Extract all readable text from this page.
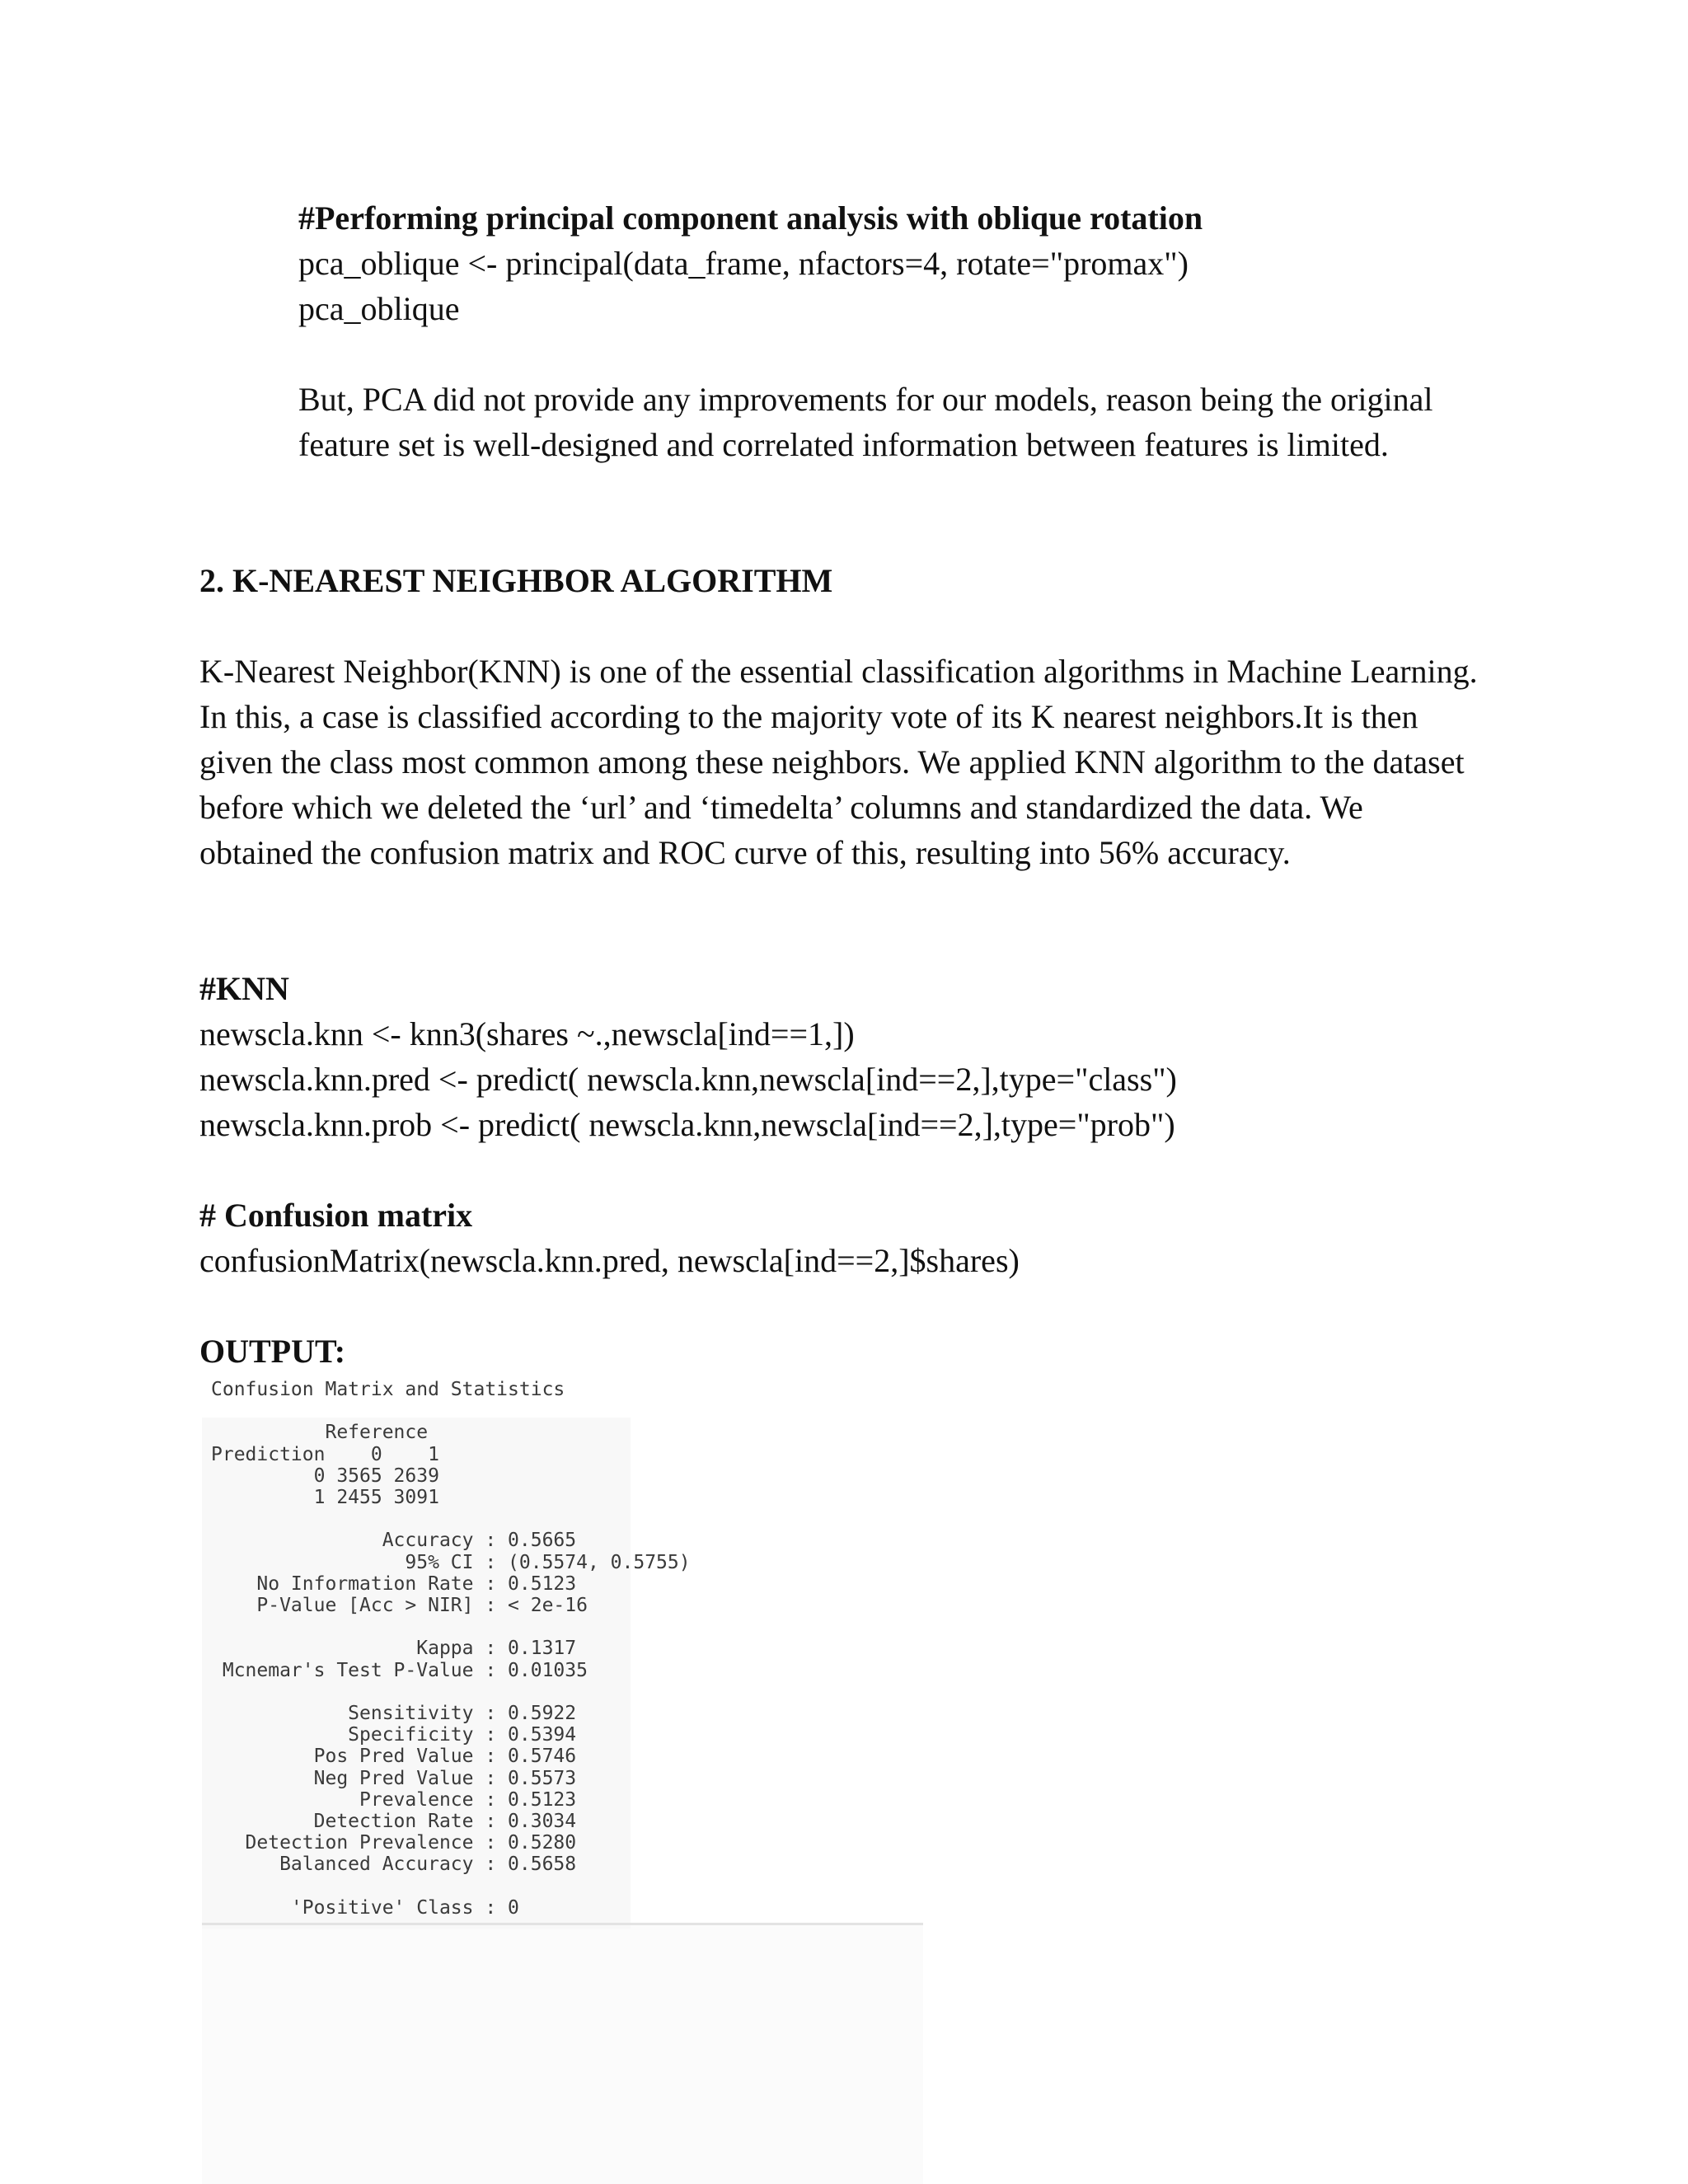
#Performing principal component analysis with oblique rotation
pca_oblique <- principal(data_frame, nfactors=4, rotate="promax")
pca_oblique
But, PCA did not provide any improvements for our models, reason being the original
feature set is well-designed and correlated information between features is limited.
2. K-NEAREST NEIGHBOR ALGORITHM
K-Nearest Neighbor(KNN) is one of the essential classification algorithms in Machine Learning.
In this, a case is classified according to the majority vote of its K nearest neighbors.It is then
given the class most common among these neighbors. We applied KNN algorithm to the dataset
before which we deleted the ‘url’ and ‘timedelta’ columns and standardized the data. We
obtained the confusion matrix and ROC curve of this, resulting into 56% accuracy.
#KNN
newscla.knn <- knn3(shares ~.,newscla[ind==1,])
newscla.knn.pred <- predict( newscla.knn,newscla[ind==2,],type="class")
newscla.knn.prob <- predict( newscla.knn,newscla[ind==2,],type="prob")
# Confusion matrix
confusionMatrix(newscla.knn.pred, newscla[ind==2,]$shares)
OUTPUT:
Confusion Matrix and Statistics

Reference
Prediction    0    1
0 3565 2639
1 2455 3091

Accuracy : 0.5665
95% CI : (0.5574, 0.5755)
No Information Rate : 0.5123
P-Value [Acc > NIR] : < 2e-16

Kappa : 0.1317
Mcnemar's Test P-Value : 0.01035

Sensitivity : 0.5922
Specificity : 0.5394
Pos Pred Value : 0.5746
Neg Pred Value : 0.5573
Prevalence : 0.5123
Detection Rate : 0.3034
Detection Prevalence : 0.5280
Balanced Accuracy : 0.5658

'Positive' Class : 0
